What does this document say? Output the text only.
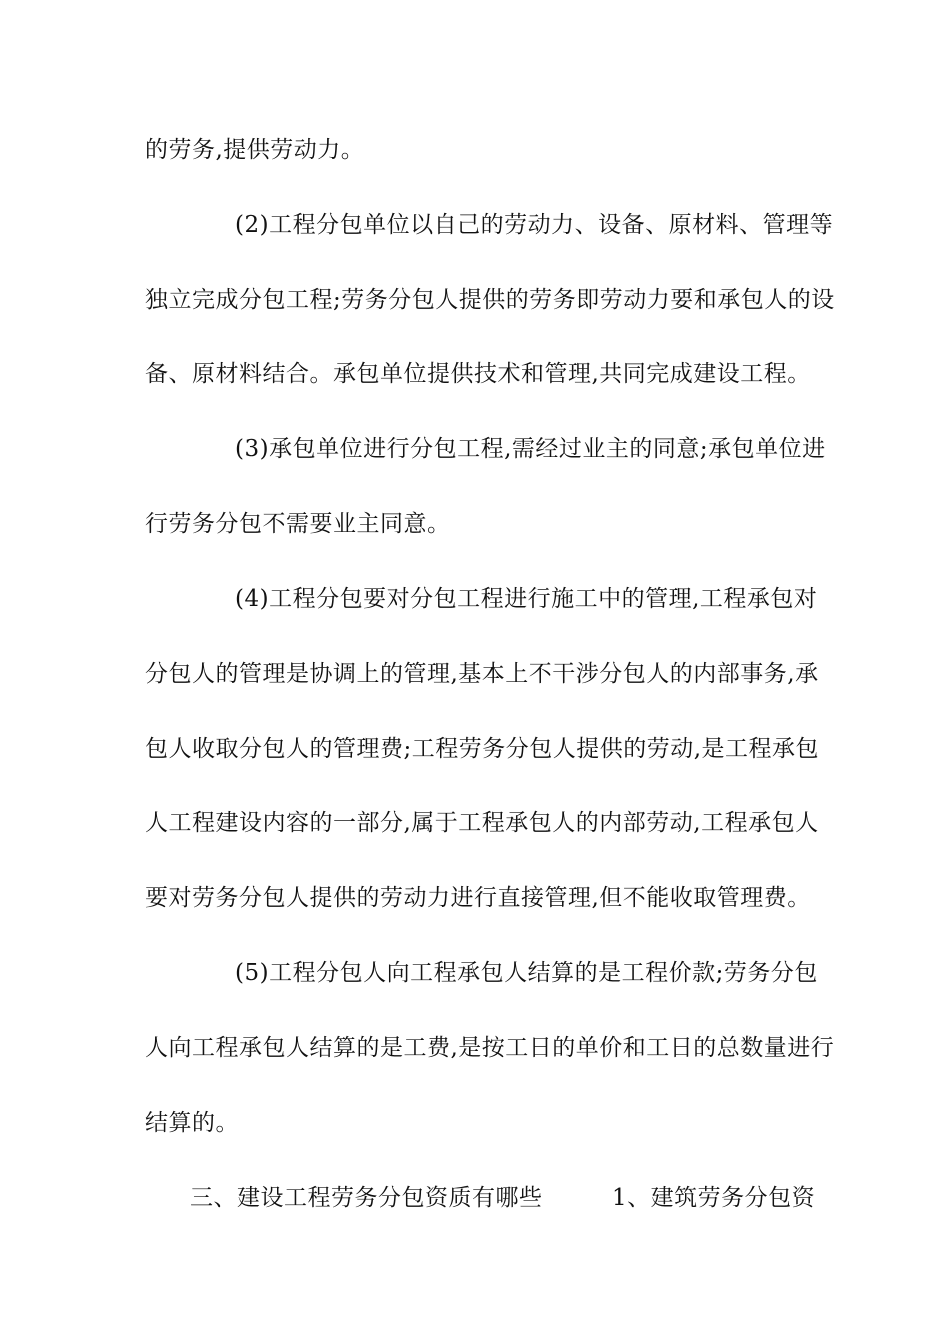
的劳务,提供劳动力。
(2)工程分包单位以自己的劳动力、设备、原材料、管理等
独立完成分包工程;劳务分包人提供的劳务即劳动力要和承包人的设
备、原材料结合。承包单位提供技术和管理,共同完成建设工程。
(3)承包单位进行分包工程,需经过业主的同意;承包单位进
行劳务分包不需要业主同意。
(4)工程分包要对分包工程进行施工中的管理,工程承包对
分包人的管理是协调上的管理,基本上不干涉分包人的内部事务,承
包人收取分包人的管理费;工程劳务分包人提供的劳动,是工程承包
人工程建设内容的一部分,属于工程承包人的内部劳动,工程承包人
要对劳务分包人提供的劳动力进行直接管理,但不能收取管理费。
(5)工程分包人向工程承包人结算的是工程价款;劳务分包
人向工程承包人结算的是工费,是按工日的单价和工日的总数量进行
结算的。
三、建设工程劳务分包资质有哪些	1、建筑劳务分包资
